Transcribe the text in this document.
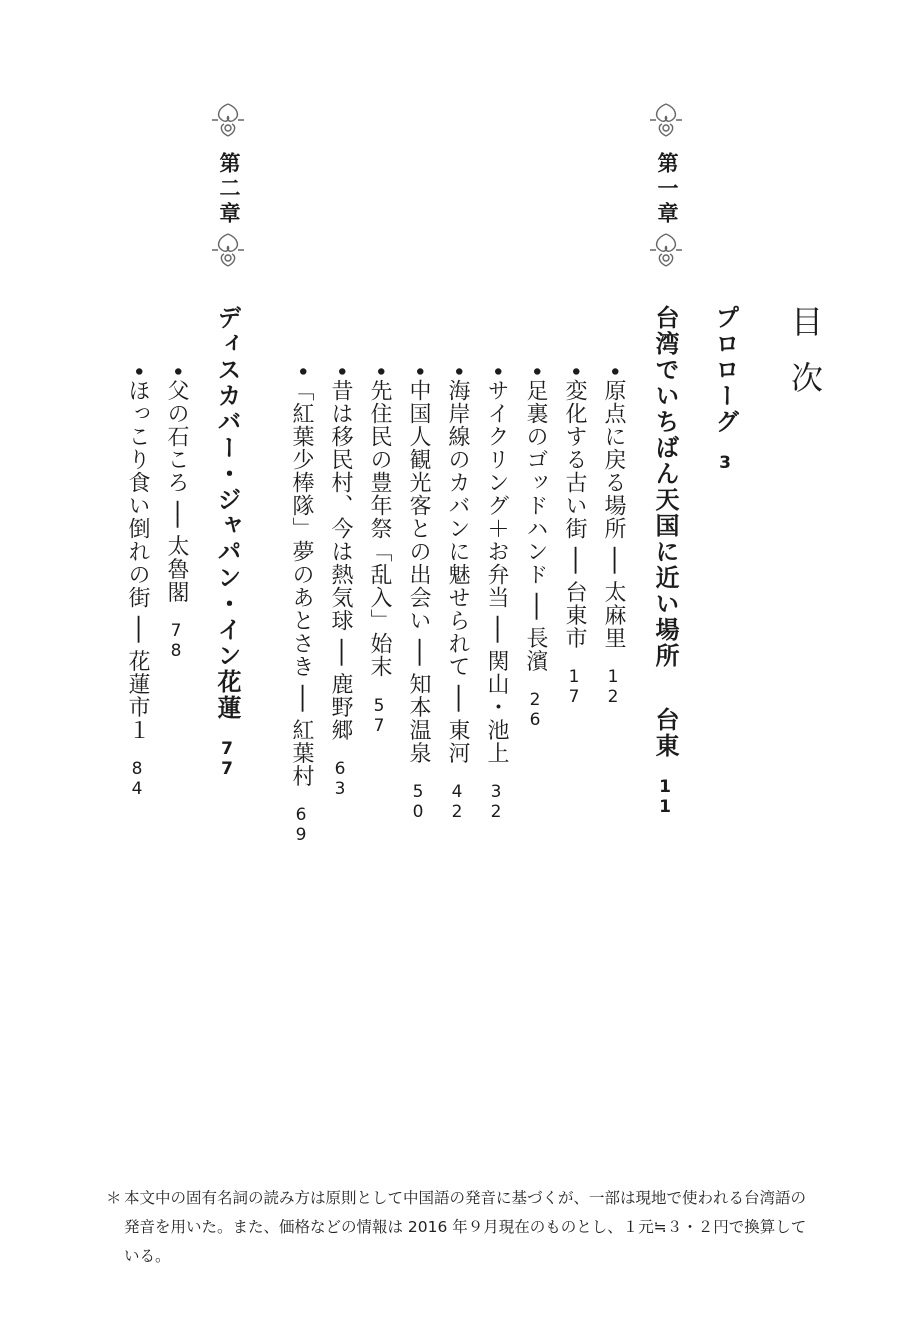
目次
プロローグ3
第一章
台湾でいちばん天国に近い場所台東11
•原点に戻る場所 ── 太麻里12
•変化する古い街 ── 台東市17
•足裏のゴッドハンド ── 長濱26
•サイクリング＋お弁当 ── 関山・池上32
•海岸線のカバンに魅せられて ── 東河42
•中国人観光客との出会い ── 知本温泉50
•先住民の豊年祭「乱入」始末57
•昔は移民村、今は熱気球 ── 鹿野郷63
•「紅葉少棒隊」夢のあとさき ── 紅葉村69
第二章
ディスカバー・ジャパン・イン花蓮77
•父の石ころ ── 太魯閣78
•ほっこり食い倒れの街 ── 花蓮市１84
＊ 本文中の固有名詞の読み方は原則として中国語の発音に基づくが、一部は現地で使われる台湾語の発音を用いた。また、価格などの情報は 2016 年９月現在のものとし、１元≒３・２円で換算している。
